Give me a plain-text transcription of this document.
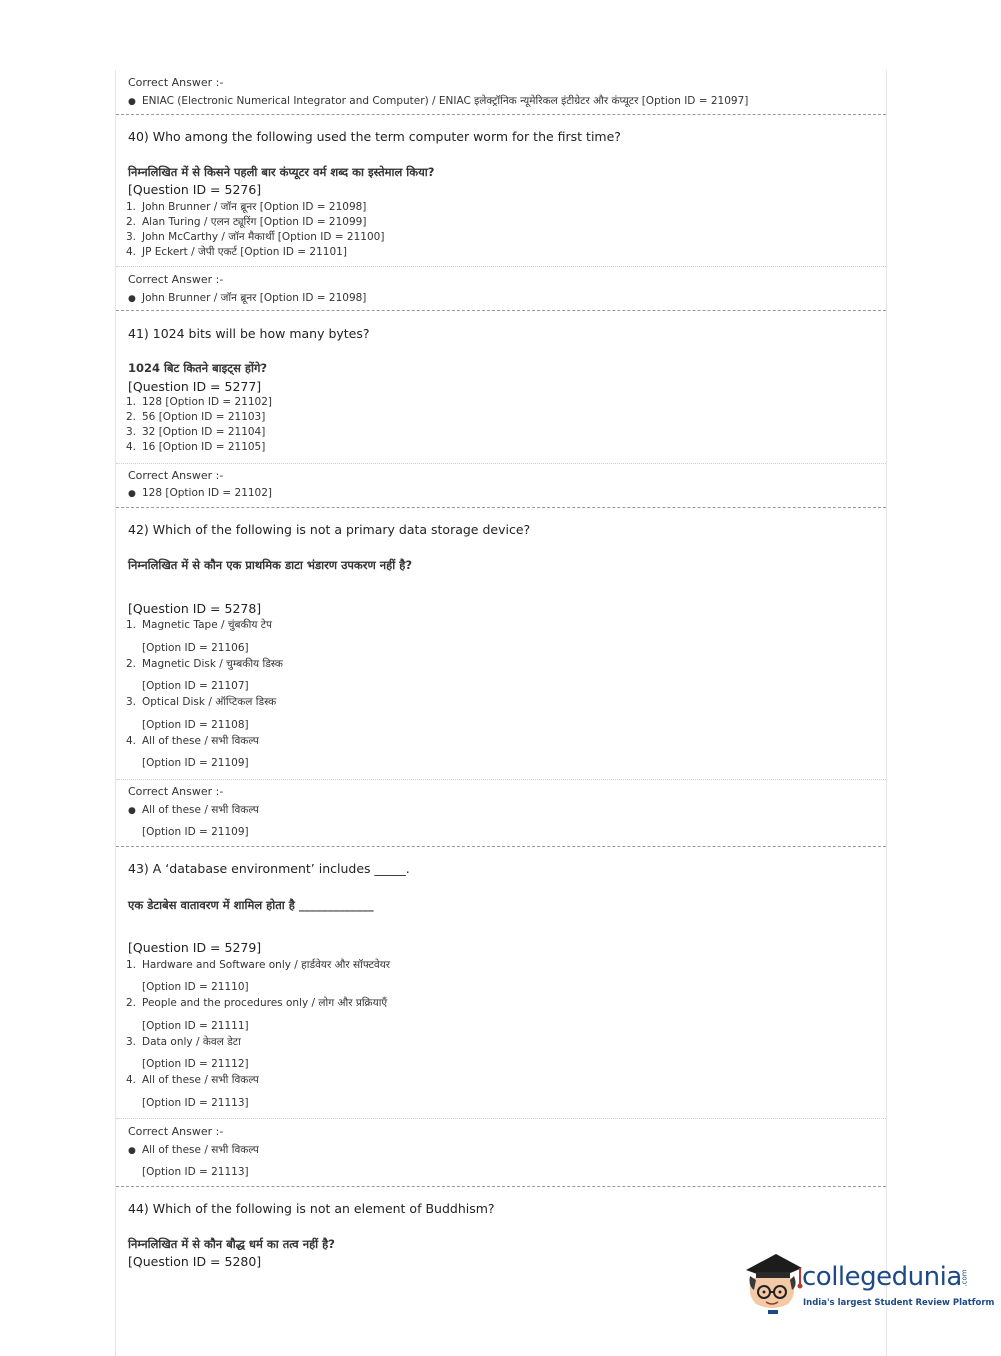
Correct Answer :-
● ENIAC (Electronic Numerical Integrator and Computer) / ENIAC इलेक्ट्रॉनिक न्यूमेरिकल इंटीग्रेटर और कंप्यूटर [Option ID = 21097]
40) Who among the following used the term computer worm for the first time?
निम्नलिखित में से किसने पहली बार कंप्यूटर वर्म शब्द का इस्तेमाल किया?
[Question ID = 5276]
1. John Brunner / जॉन ब्रूनर [Option ID = 21098]
2. Alan Turing / एलन ट्यूरिंग [Option ID = 21099]
3. John McCarthy / जॉन मैकार्थी [Option ID = 21100]
4. JP Eckert / जेपी एकर्ट [Option ID = 21101]
Correct Answer :-
● John Brunner / जॉन ब्रूनर [Option ID = 21098]
41) 1024 bits will be how many bytes?
1024 बिट कितने बाइट्स होंगे?
[Question ID = 5277]
1. 128 [Option ID = 21102]
2. 56 [Option ID = 21103]
3. 32 [Option ID = 21104]
4. 16 [Option ID = 21105]
Correct Answer :-
● 128 [Option ID = 21102]
42) Which of the following is not a primary data storage device?
निम्नलिखित में से कौन एक प्राथमिक डाटा भंडारण उपकरण नहीं है?
[Question ID = 5278]
1. Magnetic Tape / चुंबकीय टेप
[Option ID = 21106]
2. Magnetic Disk / चुम्बकीय डिस्क
[Option ID = 21107]
3. Optical Disk / ऑप्टिकल डिस्क
[Option ID = 21108]
4. All of these / सभी विकल्प
[Option ID = 21109]
Correct Answer :-
● All of these / सभी विकल्प
[Option ID = 21109]
43) A ‘database environment’ includes _____.
एक डेटाबेस वातावरण में शामिल होता है _____________
[Question ID = 5279]
1. Hardware and Software only / हार्डवेयर और सॉफ्टवेयर
[Option ID = 21110]
2. People and the procedures only / लोग और प्रक्रियाएँ
[Option ID = 21111]
3. Data only / केवल डेटा
[Option ID = 21112]
4. All of these / सभी विकल्प
[Option ID = 21113]
Correct Answer :-
● All of these / सभी विकल्प
[Option ID = 21113]
44) Which of the following is not an element of Buddhism?
निम्नलिखित में से कौन बौद्ध धर्म का तत्व नहीं है?
[Question ID = 5280]
collegedunia
.com
India's largest Student Review Platform
